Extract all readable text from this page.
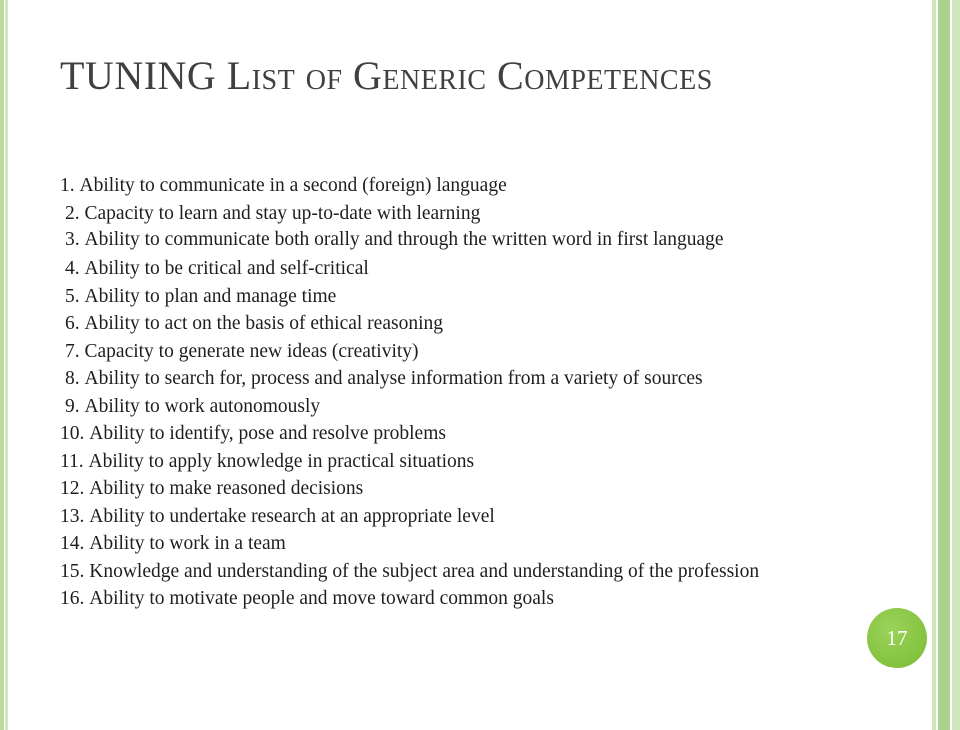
TUNING List of Generic Competences
1.
Ability to communicate in a second (foreign) language
2.
Capacity to learn and stay up-to-date with learning
3. Ability to communicate both orally and through the written word in first language
4.
Ability to be critical and self-critical
5.
Ability to plan and manage time
6.
Ability to act on the basis of ethical reasoning
7.
Capacity to generate new ideas (creativity)
8.
Ability to search for, process and analyse information from a variety of sources
9.
Ability to work autonomously
10.
Ability to identify, pose and resolve problems
11.
Ability to apply knowledge in practical situations
12.
Ability to make reasoned decisions
13.
Ability to undertake research at an appropriate level
14.
Ability to work in a team
15.
Knowledge and understanding of the subject area and understanding of the profession
16.
Ability to motivate people and move toward common goals
17
